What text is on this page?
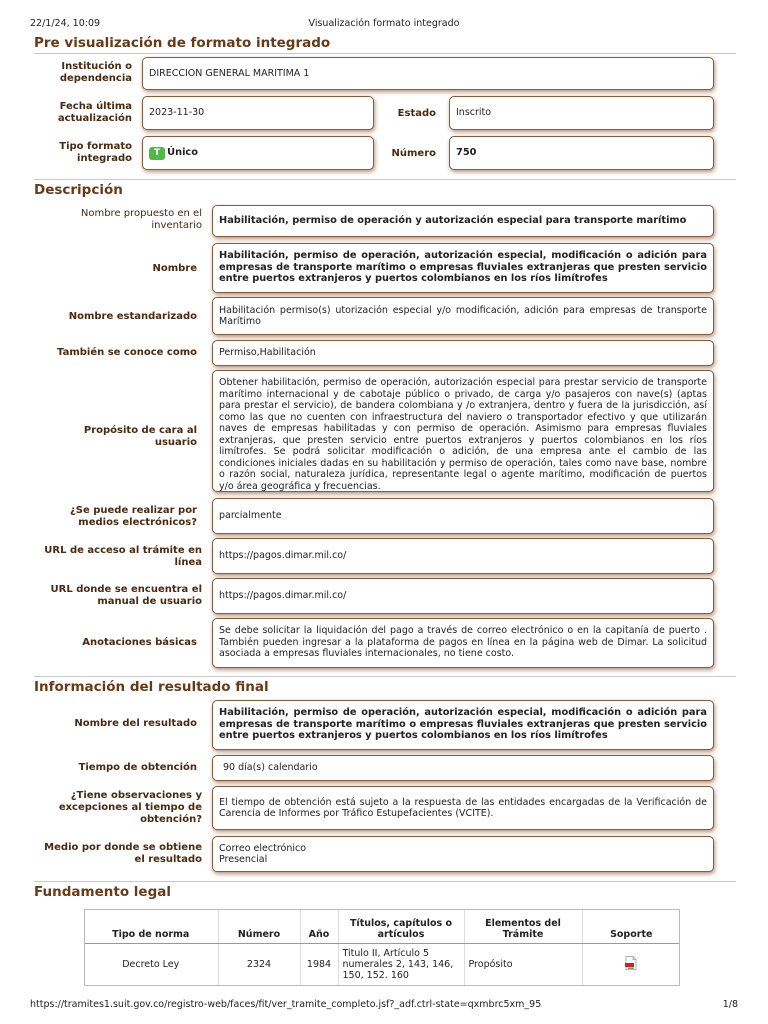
22/1/24, 10:09	Visualización formato integrado
Pre visualización de formato integrado
Institución o dependencia DIRECCION GENERAL MARITIMA 1
Fecha última actualización
2023-11-30	Estado Inscrito
Tipo formato integrado
T Único	Número 750
Descripción
Nombre propuesto en el inventario Habilitación, permiso de operación y autorización especial para transporte marítimo
Nombre
Habilitación, permiso de operación, autorización especial, modificación o adición para empresas de transporte marítimo o empresas fluviales extranjeras que presten servicio entre puertos extranjeros y puertos colombianos en los ríos limítrofes
Nombre estandarizado
Habilitación permiso(s) utorización especial y/o modificación, adición para empresas de transporte Marítimo
También se conoce como Permiso,Habilitación
Propósito de cara al usuario
Obtener habilitación, permiso de operación, autorización especial para prestar servicio de transporte marítimo internacional y de cabotaje público o privado, de carga y/o pasajeros con nave(s) (aptas para prestar el servicio), de bandera colombiana y /o extranjera, dentro y fuera de la jurisdicción, así como las que no cuenten con infraestructura del naviero o transportador efectivo y que utilizarán naves de empresas habilitadas y con permiso de operación. Asimismo para empresas fluviales extranjeras, que presten servicio entre puertos extranjeros y puertos colombianos en los ríos limítrofes. Se podrá solicitar modificación o adición, de una empresa ante el cambio de las condiciones iniciales dadas en su habilitación y permiso de operación, tales como nave base, nombre o razón social, naturaleza jurídica, representante legal o agente marítimo, modificación de puertos y/o área geográfica y frecuencias.
¿Se puede realizar por medios electrónicos?
parcialmente
URL de acceso al trámite en línea
https://pagos.dimar.mil.co/
URL donde se encuentra el manual de usuario
https://pagos.dimar.mil.co/
Anotaciones básicas
Se debe solicitar la liquidación del pago a través de correo electrónico o en la capitanía de puerto . También pueden ingresar a la plataforma de pagos en línea en la página web de Dimar. La solicitud asociada a empresas fluviales internacionales, no tiene costo.
Información del resultado final
Nombre del resultado
Habilitación, permiso de operación, autorización especial, modificación o adición para empresas de transporte marítimo o empresas fluviales extranjeras que presten servicio entre puertos extranjeros y puertos colombianos en los ríos limítrofes
Tiempo de obtención	90 día(s) calendario
¿Tiene observaciones y excepciones al tiempo de obtención?
El tiempo de obtención está sujeto a la respuesta de las entidades encargadas de la Verificación de Carencia de Informes por Tráfico Estupefacientes (VCITE).
Medio por donde se obtiene el resultado
Correo electrónico
Presencial
Fundamento legal
Tipo de norma	Número	Año	Títulos, capítulos o artículos	Elementos del Trámite	Soporte
Decreto Ley	2324	1984	Titulo II, Artículo 5 numerales 2, 143, 146, 150, 152. 160	Propósito	
https://tramites1.suit.gov.co/registro-web/faces/fit/ver_tramite_completo.jsf?_adf.ctrl-state=qxmbrc5xm_95	1/8
